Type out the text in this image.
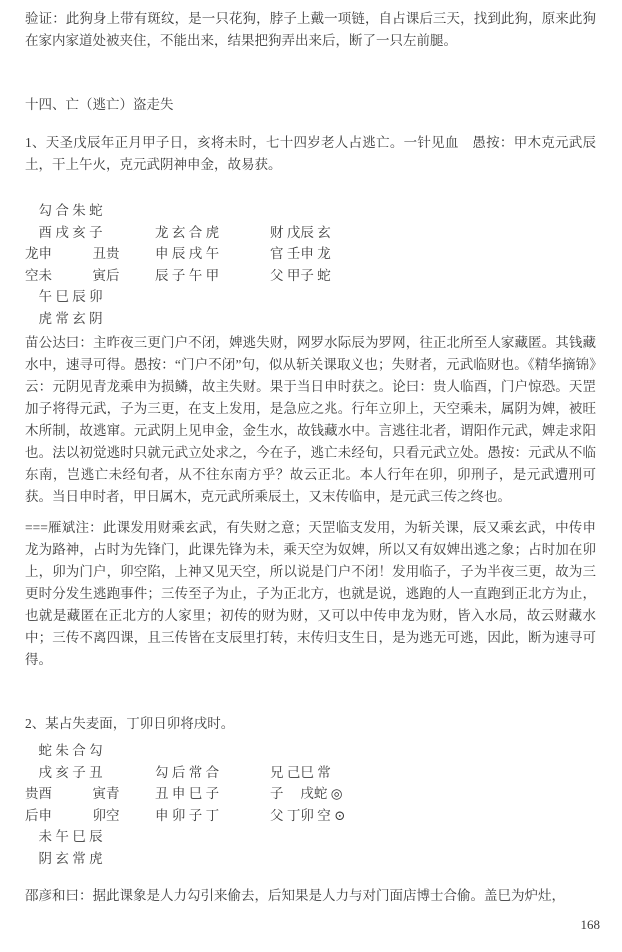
验证：此狗身上带有斑纹，是一只花狗，脖子上戴一项链，自占课后三天，找到此狗，原来此狗在家内家道处被夹住，不能出来，结果把狗弄出来后，断了一只左前腿。

十四、亡（逃亡）盗走失

1、天圣戊辰年正月甲子日，亥将未时，七十四岁老人占逃亡。一针见血　愚按：甲木克元武辰土，干上午火，克元武阴神申金，故易获。

　勾 合 朱 蛇
　酉 戌 亥 子	龙 玄 合 虎	财 戊辰 玄
龙申　　　丑贵	申 辰 戌 午	官 壬申 龙
空未　　　寅后	辰 子 午 甲	父 甲子 蛇
　午 巳 辰 卯
　虎 常 玄 阴

苗公达曰：主昨夜三更门户不闭，婢逃失财，网罗水际辰为罗网，往正北所至人家藏匿。其钱藏水中，速寻可得。愚按：“门户不闭”句，似从斩关课取义也；失财者，元武临财也。《精华摘锦》云：元阴见青龙乘申为损鳞，故主失财。果于当日申时获之。论曰：贵人临酉，门户惊恐。天罡加子将得元武，子为三更，在支上发用，是急应之兆。行年立卯上，天空乘未，属阴为婢，被旺木所制，故逃窜。元武阴上见申金，金生水，故钱藏水中。言逃往北者，谓阳作元武，婢走求阳也。法以初觉逃时只就元武立处求之，今在子，逃亡未经旬，只看元武立处。愚按：元武从不临东南，岂逃亡未经旬者，从不往东南方乎？故云正北。本人行年在卯，卯刑子，是元武遭刑可获。当日申时者，甲日属木，克元武所乘辰土，又末传临申，是元武三传之终也。

===雁斌注：此课发用财乘玄武，有失财之意；天罡临支发用，为斩关课，辰又乘玄武，中传申龙为路神，占时为先锋门，此课先锋为未，乘天空为奴婢，所以又有奴婢出逃之象；占时加在卯上，卯为门户，卯空陷，上神又见天空，所以说是门户不闭！发用临子，子为半夜三更，故为三更时分发生逃跑事件；三传至子为止，子为正北方，也就是说，逃跑的人一直跑到正北方为止，也就是藏匿在正北方的人家里；初传的财为财，又可以中传申龙为财，皆入水局，故云财藏水中；三传不离四课，且三传皆在支辰里打转，末传归支生日，是为逃无可逃，因此，断为速寻可得。

2、某占失麦面，丁卯日卯将戌时。

　蛇 朱 合 勾
　戌 亥 子 丑	勾 后 常 合	兄 己巳 常
贵酉　　　寅青	丑 申 巳 子	子　 戌蛇 ◎
后申　　　卯空	申 卯 子 丁	父 丁卯 空 ⊙
　未 午 巳 辰
　阴 玄 常 虎

邵彦和曰：据此课象是人力勾引来偷去，后知果是人力与对门面店博士合偷。盖巳为炉灶，

168
